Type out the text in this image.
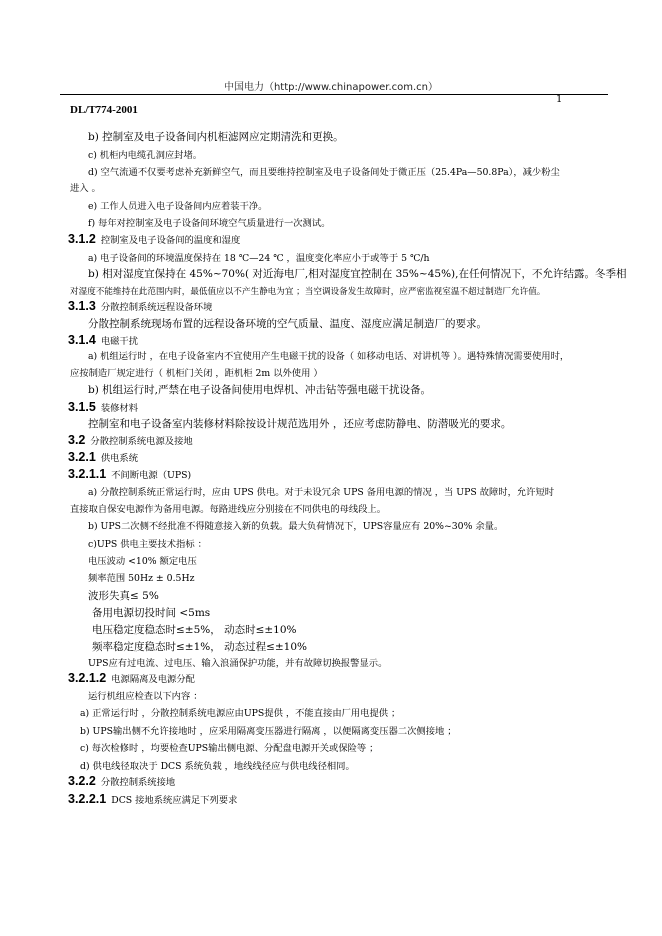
中国电力（http://www.chinapower.com.cn）
1
DL/T774-2001
b) 控制室及电子设备间内机柜滤网应定期清洗和更换。
c) 机柜内电缆孔洞应封堵。
d) 空气流通不仅要考虑补充新鲜空气，而且要维持控制室及电子设备间处于微正压（25.4Pa—50.8Pa），减少粉尘
进入 。
e) 工作人员进入电子设备间内应着装干净。
f) 每年对控制室及电子设备间环境空气质量进行一次测试。
3.1.2 控制室及电子设备间的温度和湿度
a) 电子设备间的环境温度保持在 18 ℃—24 ℃ ，温度变化率应小于或等于 5 ℃/h
b) 相对湿度宜保持在 45%~70%( 对近海电厂,相对湿度宜控制在 35%~45%),在任何情况下，不允许结露。冬季相
对湿度不能维持在此范围内时，最低值应以不产生静电为宜 ；当空调设备发生故障时，应严密监视室温不超过制造厂允许值。
3.1.3 分散控制系统远程设备环境
分散控制系统现场布置的远程设备环境的空气质量、温度、湿度应满足制造厂的要求。
3.1.4 电磁干扰
a) 机组运行时 ，在电子设备室内不宜使用产生电磁干扰的设备（ 如移动电话、对讲机等 ）。遇特殊情况需要使用时，
应按制造厂规定进行（ 机柜门关闭 ，距机柜 2m 以外使用 ）
b) 机组运行时,严禁在电子设备间使用电焊机、冲击钻等强电磁干扰设备。
3.1.5 装修材料
控制室和电子设备室内装修材料除按设计规范选用外 ，还应考虑防静电、防潜吸光的要求。
3.2 分散控制系统电源及接地
3.2.1 供电系统
3.2.1.1 不间断电源（UPS)
a) 分散控制系统正常运行时，应由 UPS 供电。对于未设冗余 UPS 备用电源的情况 ，当 UPS 故障时，允许短时
直接取自保安电源作为备用电源。每路进线应分别接在不同供电的母线段上。
b) UPS二次侧不经批准不得随意接入新的负载。最大负荷情况下，UPS容量应有 20%~30% 余量。
c)UPS 供电主要技术指标 ：
电压波动 <10% 额定电压
频率范围 50Hz ± 0.5Hz
波形失真≤ 5%
备用电源切投时间 <5ms
电压稳定度稳态时≤±5%， 动态时≤±10%
频率稳定度稳态时≤±1%， 动态过程≤±10%
UPS应有过电流、过电压、输入浪涌保护功能，并有故障切换报警显示。
3.2.1.2 电源隔离及电源分配
运行机组应检查以下内容 ：
a) 正常运行时 ，分散控制系统电源应由UPS提供 ，不能直接由厂用电提供 ；
b) UPS输出侧不允许接地时 ，应采用隔离变压器进行隔离 ，以便隔离变压器二次侧接地 ；
c) 每次检修时 ，均要检查UPS输出侧电源、分配盘电源开关或保险等 ；
d) 供电线径取决于 DCS 系统负载 ，地线线径应与供电线径相同。
3.2.2 分散控制系统接地
3.2.2.1 DCS 接地系统应满足下列要求
